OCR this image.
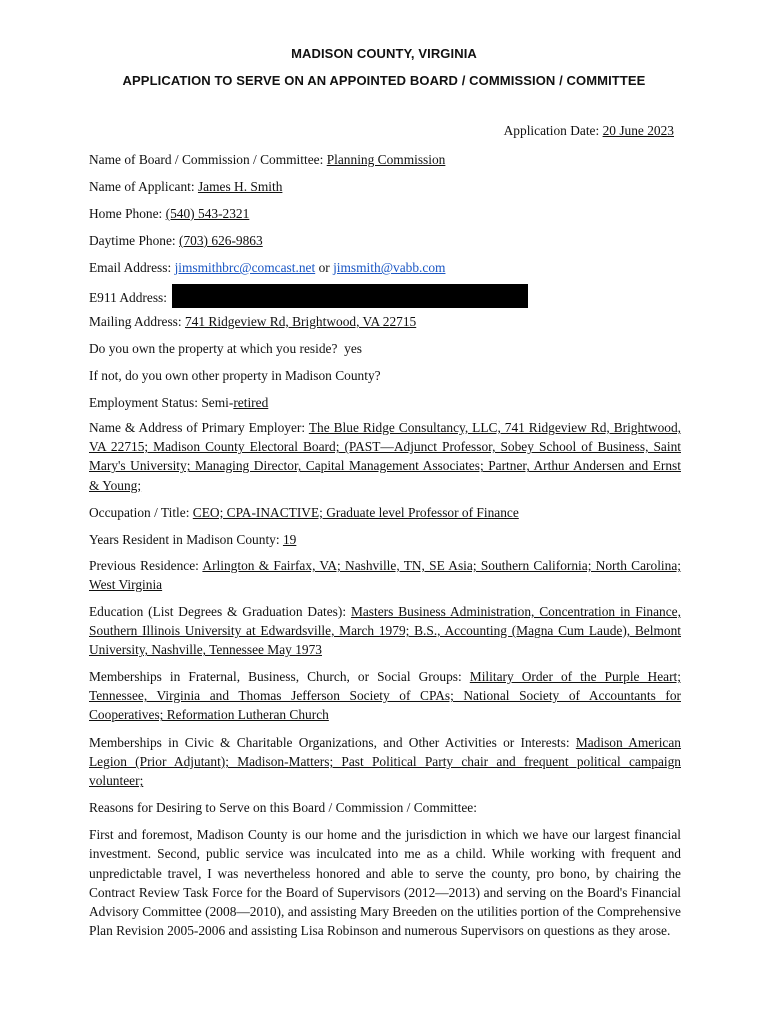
MADISON COUNTY, VIRGINIA
APPLICATION TO SERVE ON AN APPOINTED BOARD / COMMISSION / COMMITTEE
Application Date: 20 June 2023
Name of Board / Commission / Committee: Planning Commission
Name of Applicant: James H. Smith
Home Phone: (540) 543-2321
Daytime Phone: (703) 626-9863
Email Address: jimsmithbrc@comcast.net or jimsmith@vabb.com
E911 Address:
Mailing Address: 741 Ridgeview Rd, Brightwood, VA 22715
Do you own the property at which you reside? yes
If not, do you own other property in Madison County?
Employment Status: Semi-retired
Name & Address of Primary Employer: The Blue Ridge Consultancy, LLC, 741 Ridgeview Rd, Brightwood, VA 22715; Madison County Electoral Board; (PAST—Adjunct Professor, Sobey School of Business, Saint Mary's University; Managing Director, Capital Management Associates; Partner, Arthur Andersen and Ernst & Young;
Occupation / Title: CEO; CPA-INACTIVE; Graduate level Professor of Finance
Years Resident in Madison County: 19
Previous Residence: Arlington & Fairfax, VA; Nashville, TN, SE Asia; Southern California; North Carolina; West Virginia
Education (List Degrees & Graduation Dates): Masters Business Administration, Concentration in Finance, Southern Illinois University at Edwardsville, March 1979; B.S., Accounting (Magna Cum Laude), Belmont University, Nashville, Tennessee May 1973
Memberships in Fraternal, Business, Church, or Social Groups: Military Order of the Purple Heart; Tennessee, Virginia and Thomas Jefferson Society of CPAs; National Society of Accountants for Cooperatives; Reformation Lutheran Church
Memberships in Civic & Charitable Organizations, and Other Activities or Interests: Madison American Legion (Prior Adjutant); Madison-Matters; Past Political Party chair and frequent political campaign volunteer;
Reasons for Desiring to Serve on this Board / Commission / Committee:
First and foremost, Madison County is our home and the jurisdiction in which we have our largest financial investment. Second, public service was inculcated into me as a child. While working with frequent and unpredictable travel, I was nevertheless honored and able to serve the county, pro bono, by chairing the Contract Review Task Force for the Board of Supervisors (2012—2013) and serving on the Board's Financial Advisory Committee (2008—2010), and assisting Mary Breeden on the utilities portion of the Comprehensive Plan Revision 2005-2006 and assisting Lisa Robinson and numerous Supervisors on questions as they arose.
